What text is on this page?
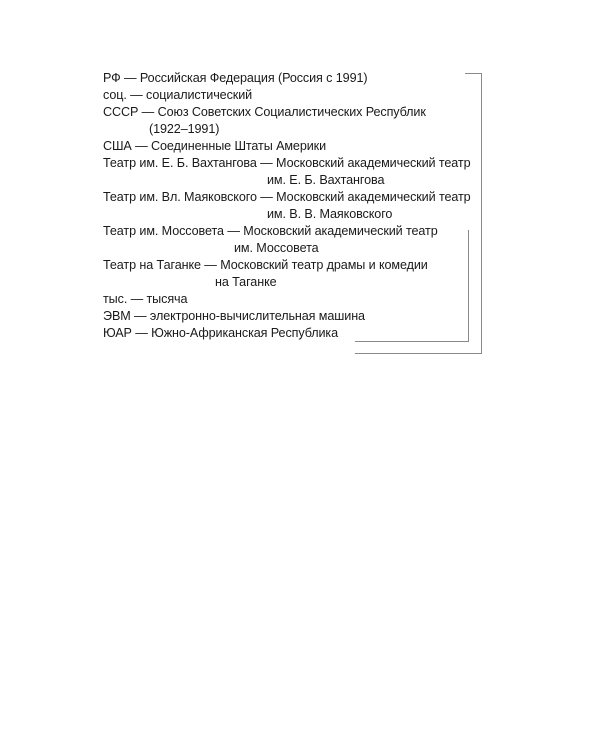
РФ — Российская Федерация (Россия с 1991)
соц. — социалистический
СССР — Союз Советских Социалистических Республик
(1922–1991)
США — Соединенные Штаты Америки
Театр им. Е. Б. Вахтангова — Московский академический театр
им. Е. Б. Вахтангова
Театр им. Вл. Маяковского — Московский академический театр
им. В. В. Маяковского
Театр им. Моссовета — Московский академический театр
им. Моссовета
Театр на Таганке — Московский театр драмы и комедии
на Таганке
тыс. — тысяча
ЭВМ — электронно-вычислительная машина
ЮАР — Южно-Африканская Республика
